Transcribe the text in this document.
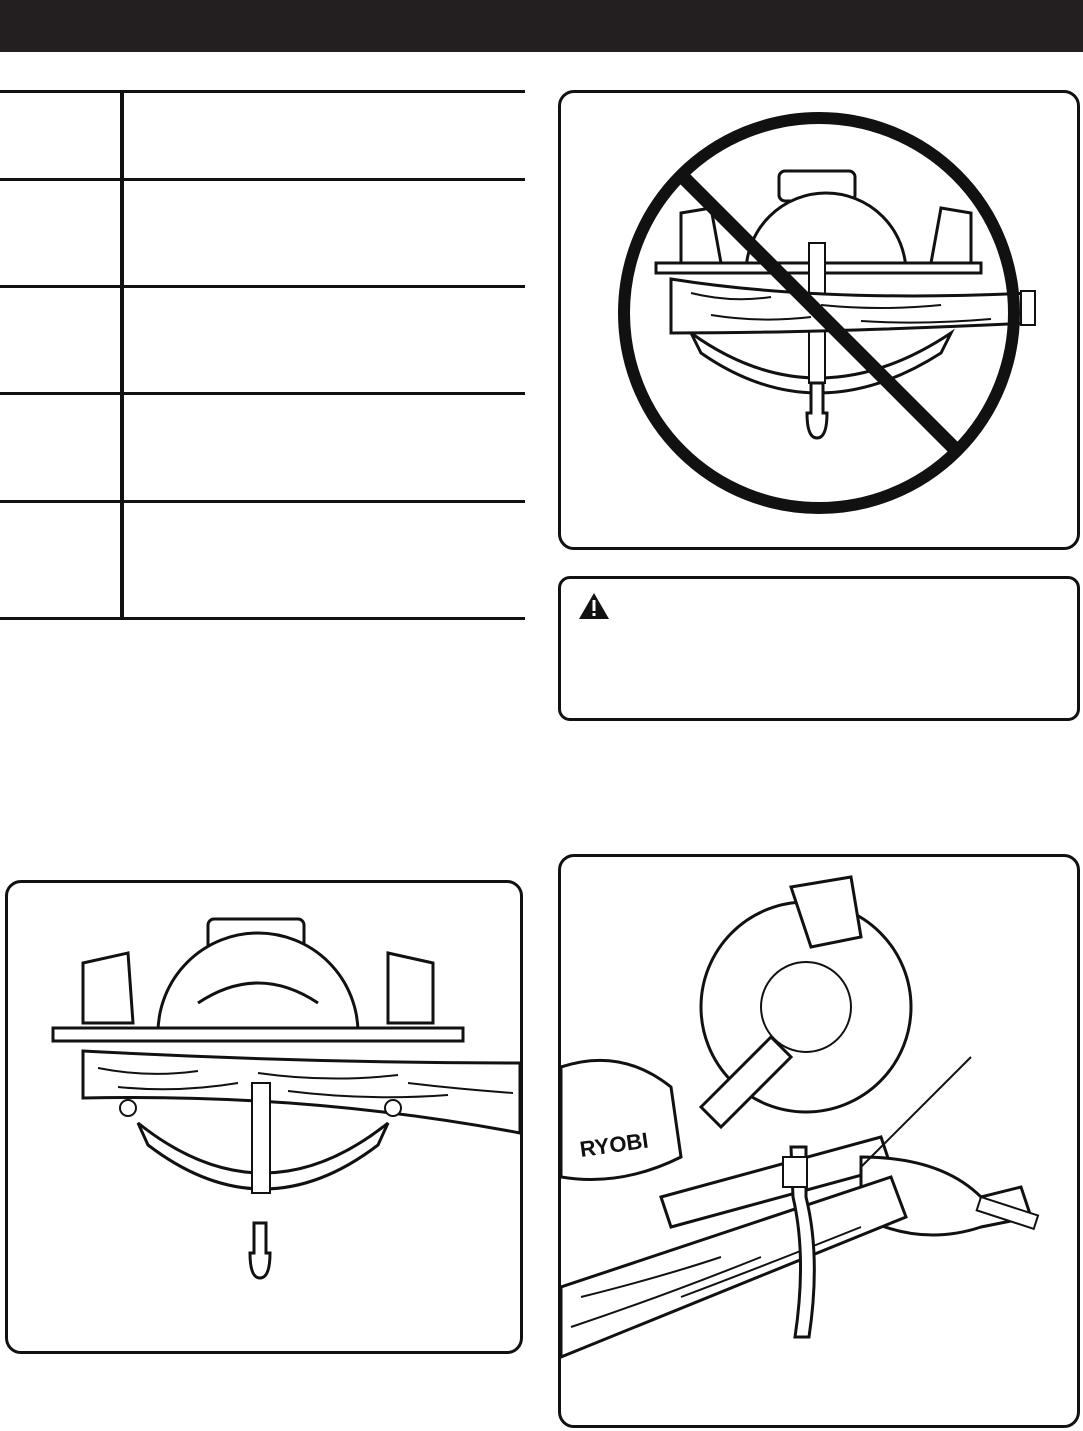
RYOBI
